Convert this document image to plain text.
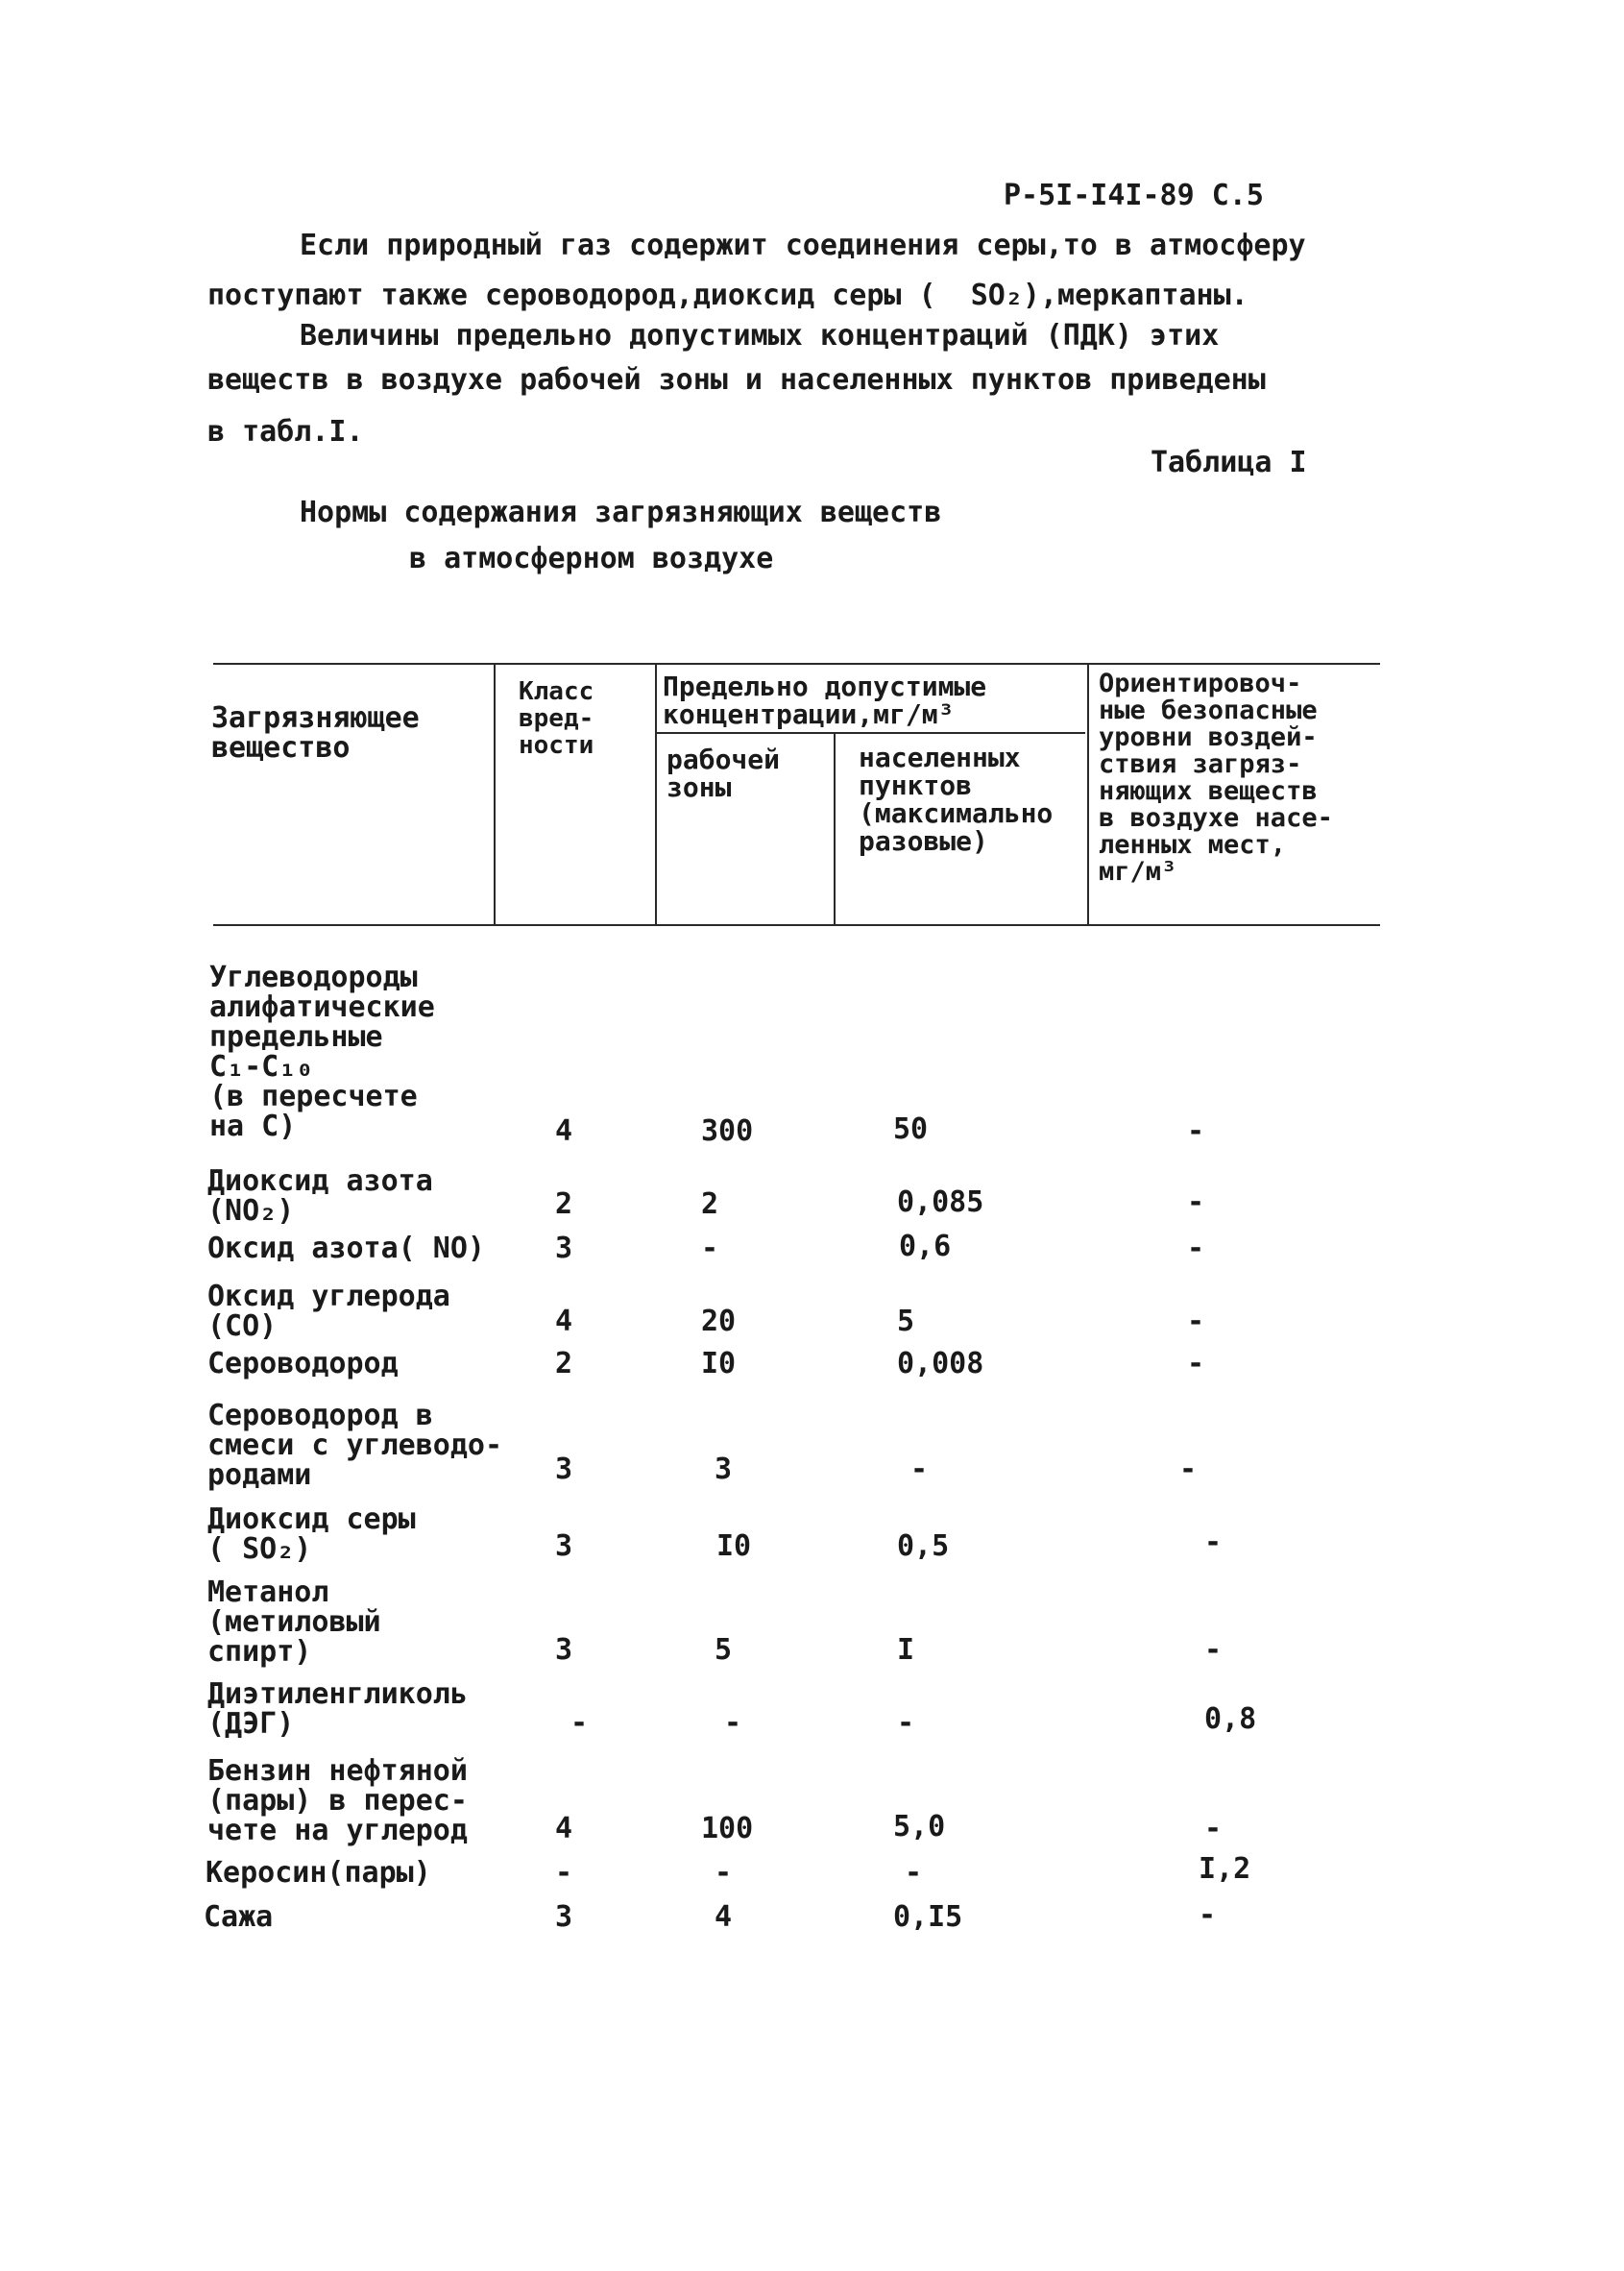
Р-5I-I4I-89 С.5
Если природный газ содержит соединения серы,то в атмосферу
поступают также сероводород,диоксид серы (  SO₂),меркаптаны.
Величины предельно допустимых концентраций (ПДК) этих
веществ в воздухе рабочей зоны и населенных пунктов приведены
в табл.I.
Таблица I
Нормы содержания загрязняющих веществ
в атмосферном воздухе
Загрязняющее
вещество
Класс
вред-
ности
Предельно допустимые
концентрации,мг/м³
рабочей
зоны
населенных
пунктов
(максимально
разовые)
Ориентировоч-
ные безопасные
уровни воздей-
ствия загряз-
няющих веществ
в воздухе насе-
ленных мест,
мг/м³
Углеводороды
алифатические
предельные
C₁-C₁₀
(в пересчете
на С)	4	300	50	-
Диоксид азота
(NO₂)	2	2	0,085	-
Оксид азота( NO) 3	-	0,6	-
Оксид углерода
(СО)	4	20	5	-
Сероводород	2	I0	0,008	-
Сероводород в
смеси с углеводо-
родами	3	3	-	-
Диоксид серы
( SO₂)	3	I0	0,5	-
Метанол
(метиловый
спирт)	3	5	I	-
Диэтиленгликоль
(ДЭГ)	-	-	-	0,8
Бензин нефтяной
(пары) в перес-
чете на углерод	4	100	5,0	-
Керосин(пары)	-	-	-	I,2
Сажа	3	4	0,I5	-
